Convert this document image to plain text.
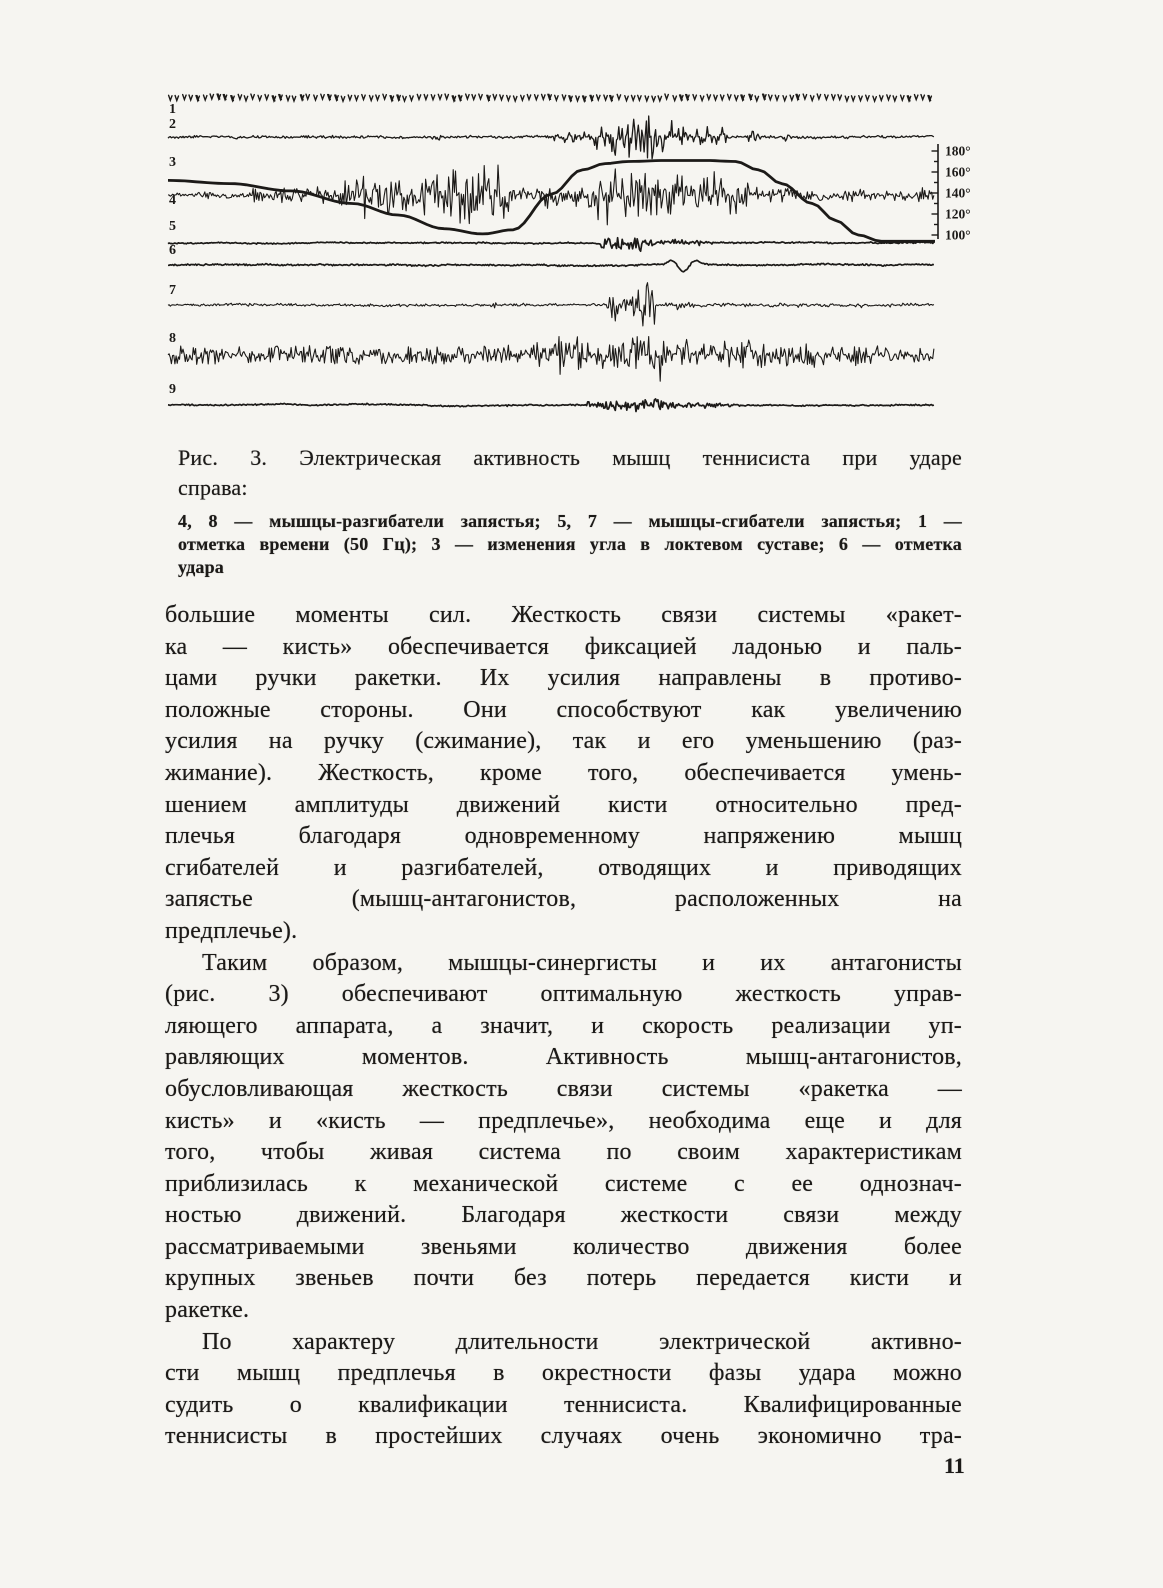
1
2
3
4
5
6
7
8
9
180°
160°
140°
120°
100°
Рис. 3. Электрическая активность мышц теннисиста при ударе
справа:
4, 8 — мышцы-разгибатели запястья; 5, 7 — мышцы-сгибатели запястья; 1 —
отметка времени (50 Гц); 3 — изменения угла в локтевом суставе; 6 — отметка
удара
большие моменты сил. Жесткость связи системы «ракет-
ка — кисть» обеспечивается фиксацией ладонью и паль-
цами ручки ракетки. Их усилия направлены в противо-
положные стороны. Они способствуют как увеличению
усилия на ручку (сжимание), так и его уменьшению (раз-
жимание). Жесткость, кроме того, обеспечивается умень-
шением амплитуды движений кисти относительно пред-
плечья благодаря одновременному напряжению мышц
сгибателей и разгибателей, отводящих и приводящих
запястье (мышц-антагонистов, расположенных на
предплечье).
Таким образом, мышцы-синергисты и их антагонисты
(рис. 3) обеспечивают оптимальную жесткость управ-
ляющего аппарата, а значит, и скорость реализации уп-
равляющих моментов. Активность мышц-антагонистов,
обусловливающая жесткость связи системы «ракетка —
кисть» и «кисть — предплечье», необходима еще и для
того, чтобы живая система по своим характеристикам
приблизилась к механической системе с ее однознач-
ностью движений. Благодаря жесткости связи между
рассматриваемыми звеньями количество движения более
крупных звеньев почти без потерь передается кисти и
ракетке.
По характеру длительности электрической активно-
сти мышц предплечья в окрестности фазы удара можно
судить о квалификации теннисиста. Квалифицированные
теннисисты в простейших случаях очень экономично тра-
11
